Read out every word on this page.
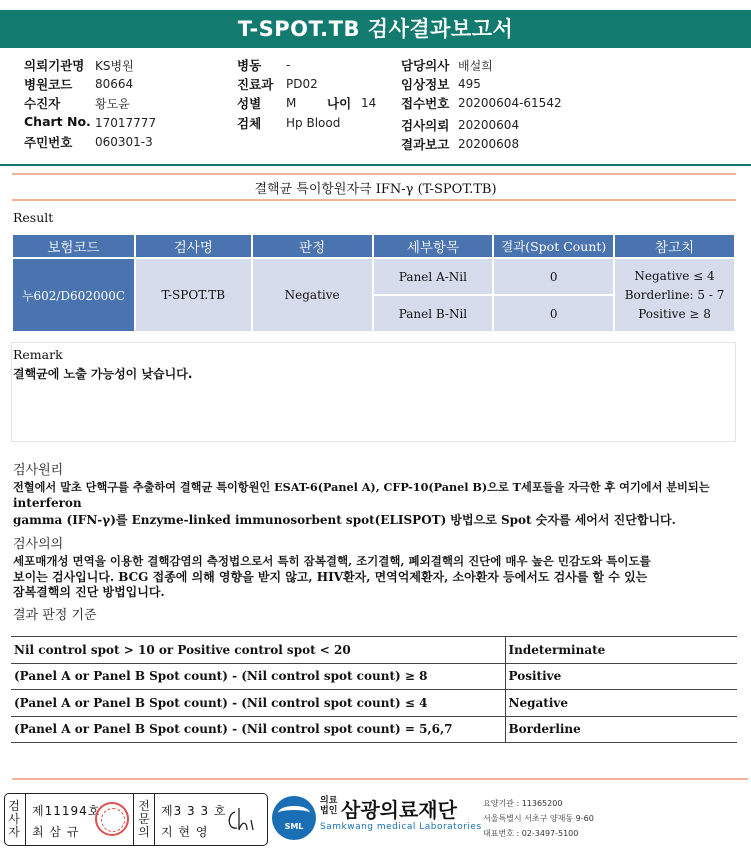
T-SPOT.TB 검사결과보고서
의뢰기관명 KS병원
병원코드 80664
수진자	황도윤
Chart No. 17017777
주민번호 060301-3
병동 -
진료과 PD02
성별 M 나이 14
검체 Hp Blood
담당의사 배설희
임상정보 495
접수번호 20200604-61542
검사의뢰 20200604
결과보고 20200608
결핵균 특이항원자극 IFN-γ (T-SPOT.TB)
Result
보험코드	검사명	판정	세부항목	결과(Spot Count)	참고치
누602/D602000C	T-SPOT.TB	Negative	Panel A-Nil	0	Negative ≤ 4
Borderline: 5 - 7
Positive ≥ 8

			Panel B-Nil	0	
Remark
결핵균에 노출 가능성이 낮습니다.
검사원리
전혈에서 말초 단핵구를 추출하여 결핵균 특이항원인 ESAT-6(Panel A), CFP-10(Panel B)으로 T세포들을 자극한 후 여기에서 분비되는
interferon
gamma (IFN-γ)를 Enzyme-linked immunosorbent spot(ELISPOT) 방법으로 Spot 숫자를 세어서 진단합니다.
검사의의
세포매개성 면역을 이용한 결핵감염의 측정법으로서 특히 잠복결핵, 조기결핵, 폐외결핵의 진단에 매우 높은 민감도와 특이도를
보이는 검사입니다. BCG 접종에 의해 영향을 받지 않고, HIV환자, 면역억제환자, 소아환자 등에서도 검사를 할 수 있는
잠복결핵의 진단 방법입니다.
결과 판정 기준
Nil control spot > 10 or Positive control spot < 20	Indeterminate
(Panel A or Panel B Spot count) - (Nil control spot count) ≥ 8	Positive
(Panel A or Panel B Spot count) - (Nil control spot count) ≤ 4	Negative
(Panel A or Panel B Spot count) - (Nil control spot count) = 5,6,7	Borderline
검사자
제11194호
최 삼 규
전문의
제3 3 3 호
지 현 영	SML
의료법인 삼광의료재단
Samkwang medical Laboratories
요양기관 : 11365200
서울특별시 서초구 양재동 9-60
대표번호 : 02-3497-5100
